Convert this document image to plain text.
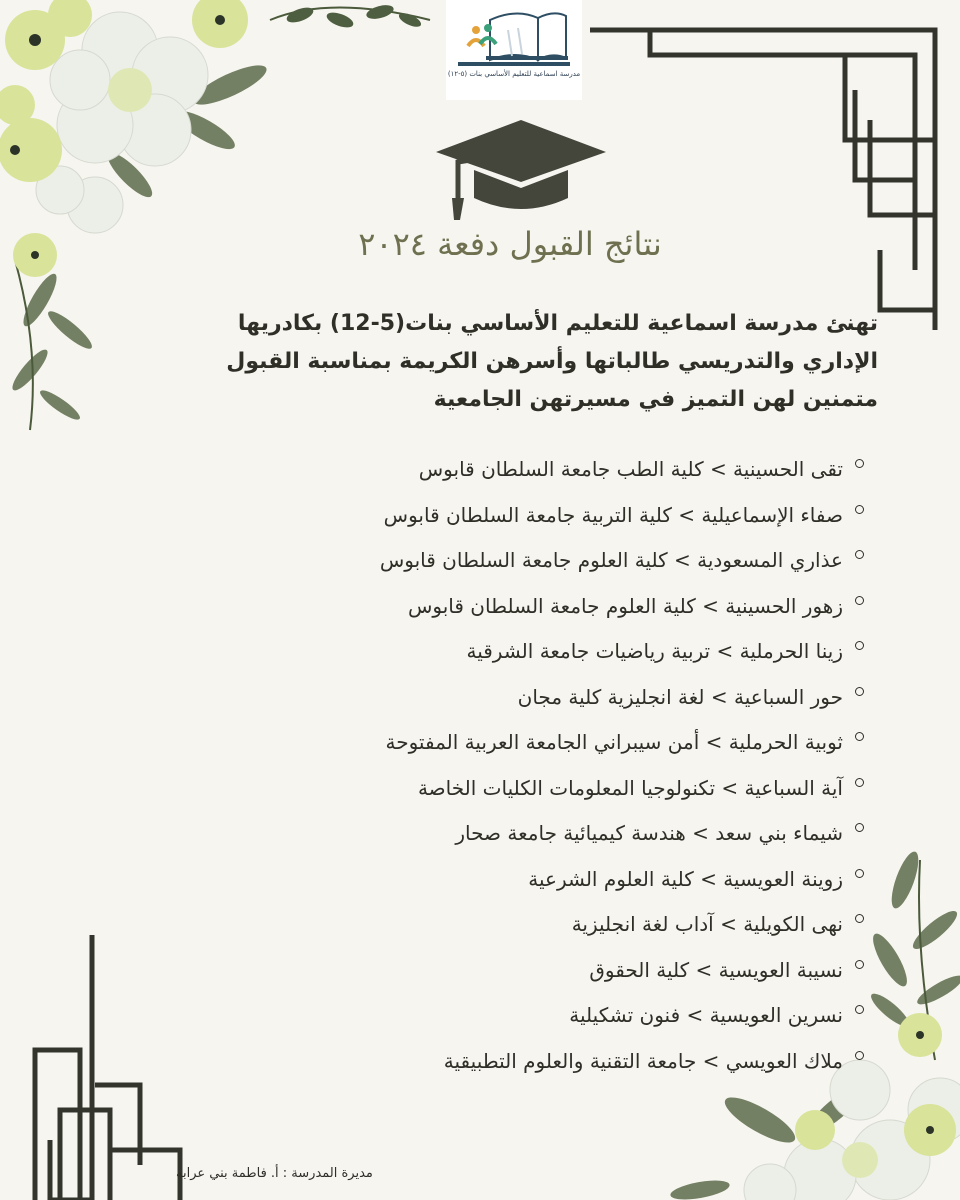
مدرسة اسماعية للتعليم الأساسي بنات (٥-١٢)
نتائج القبول دفعة ٢٠٢٤

تهنئ مدرسة اسماعية للتعليم الأساسي بنات(5-12) بكادريها

الإداري والتدريسي طالباتها وأسرهن الكريمة بمناسبة القبول

متمنين لهن التميز في مسيرتهن الجامعية

تقى الحسينية > كلية الطب جامعة السلطان قابوس
صفاء الإسماعيلية > كلية التربية جامعة السلطان قابوس
عذاري المسعودية > كلية العلوم جامعة السلطان قابوس
زهور الحسينية > كلية العلوم جامعة السلطان قابوس
زينا الحرملية > تربية رياضيات جامعة الشرقية
حور السباعية > لغة انجليزية كلية مجان
ثوبية الحرملية > أمن سيبراني الجامعة العربية المفتوحة
آية السباعية > تكنولوجيا المعلومات الكليات الخاصة
شيماء بني سعد > هندسة كيميائية جامعة صحار
زوينة العويسية > كلية العلوم الشرعية
نهى الكويلية > آداب لغة انجليزية
نسيبة العويسية > كلية الحقوق
نسرين العويسية > فنون تشكيلية
ملاك العويسي > جامعة التقنية والعلوم التطبيقية
مديرة المدرسة : أ. فاطمة بني عرابه
